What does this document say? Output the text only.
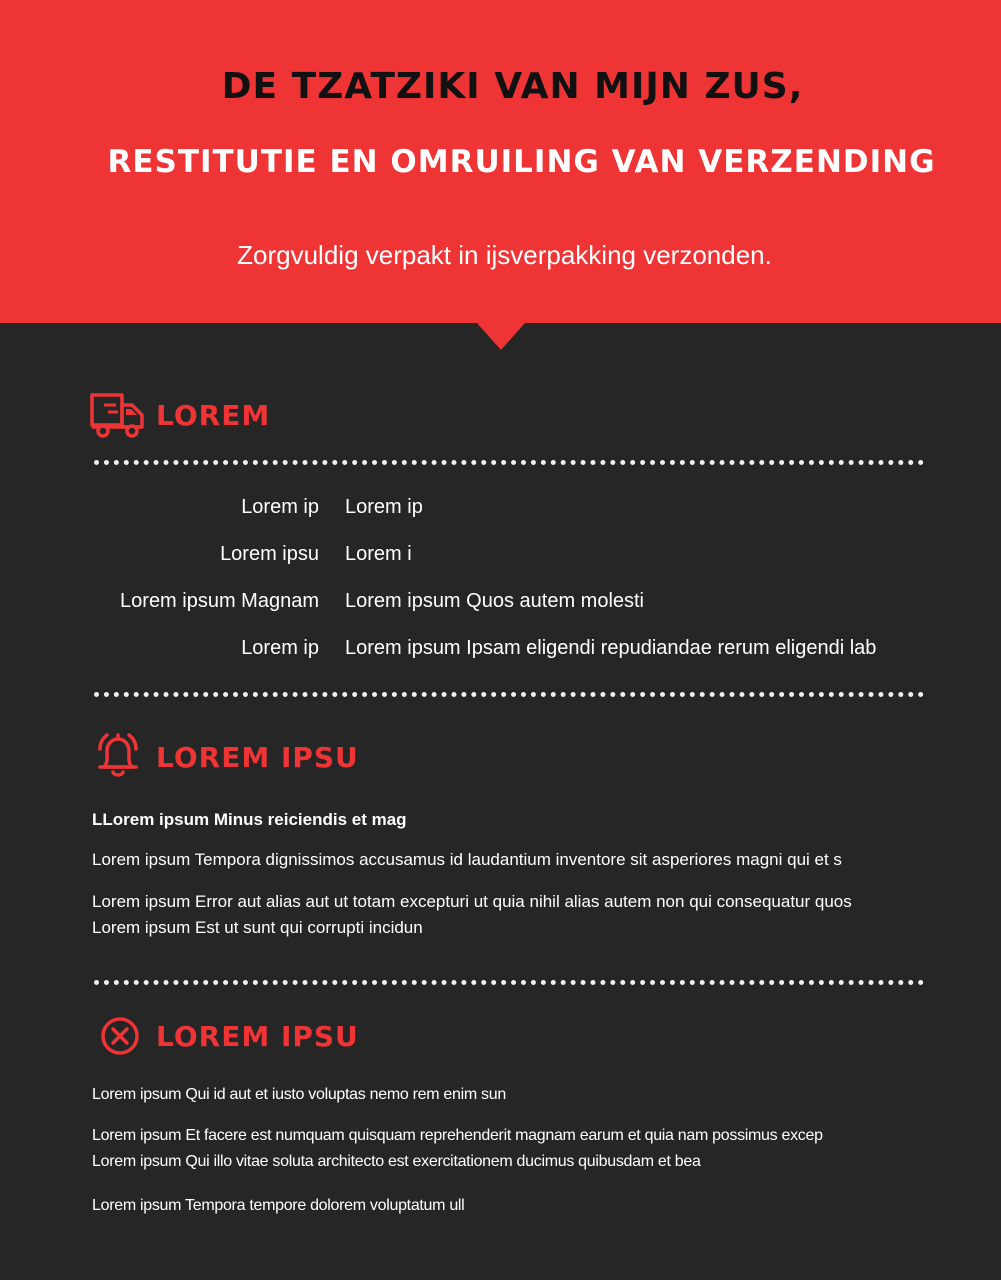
DE TZATZIKI VAN MIJN ZUS,
RESTITUTIE EN OMRUILING VAN VERZENDING
Zorgvuldig verpakt in ijsverpakking verzonden.
LOREM
Lorem ip Lorem ip
Lorem ipsu Lorem i
Lorem ipsum Magnam Lorem ipsum Quos autem molesti
Lorem ip Lorem ipsum Ipsam eligendi repudiandae rerum eligendi lab
LOREM IPSU
LLorem ipsum Minus reiciendis et mag
Lorem ipsum Tempora dignissimos accusamus id laudantium inventore sit asperiores magni qui et s
Lorem ipsum Error aut alias aut ut totam excepturi ut quia nihil alias autem non qui consequatur quos
Lorem ipsum Est ut sunt qui corrupti incidun
LOREM IPSU
Lorem ipsum Qui id aut et iusto voluptas nemo rem enim sun
Lorem ipsum Et facere est numquam quisquam reprehenderit magnam earum et quia nam possimus excep
Lorem ipsum Qui illo vitae soluta architecto est exercitationem ducimus quibusdam et bea
Lorem ipsum Tempora tempore dolorem voluptatum ull
